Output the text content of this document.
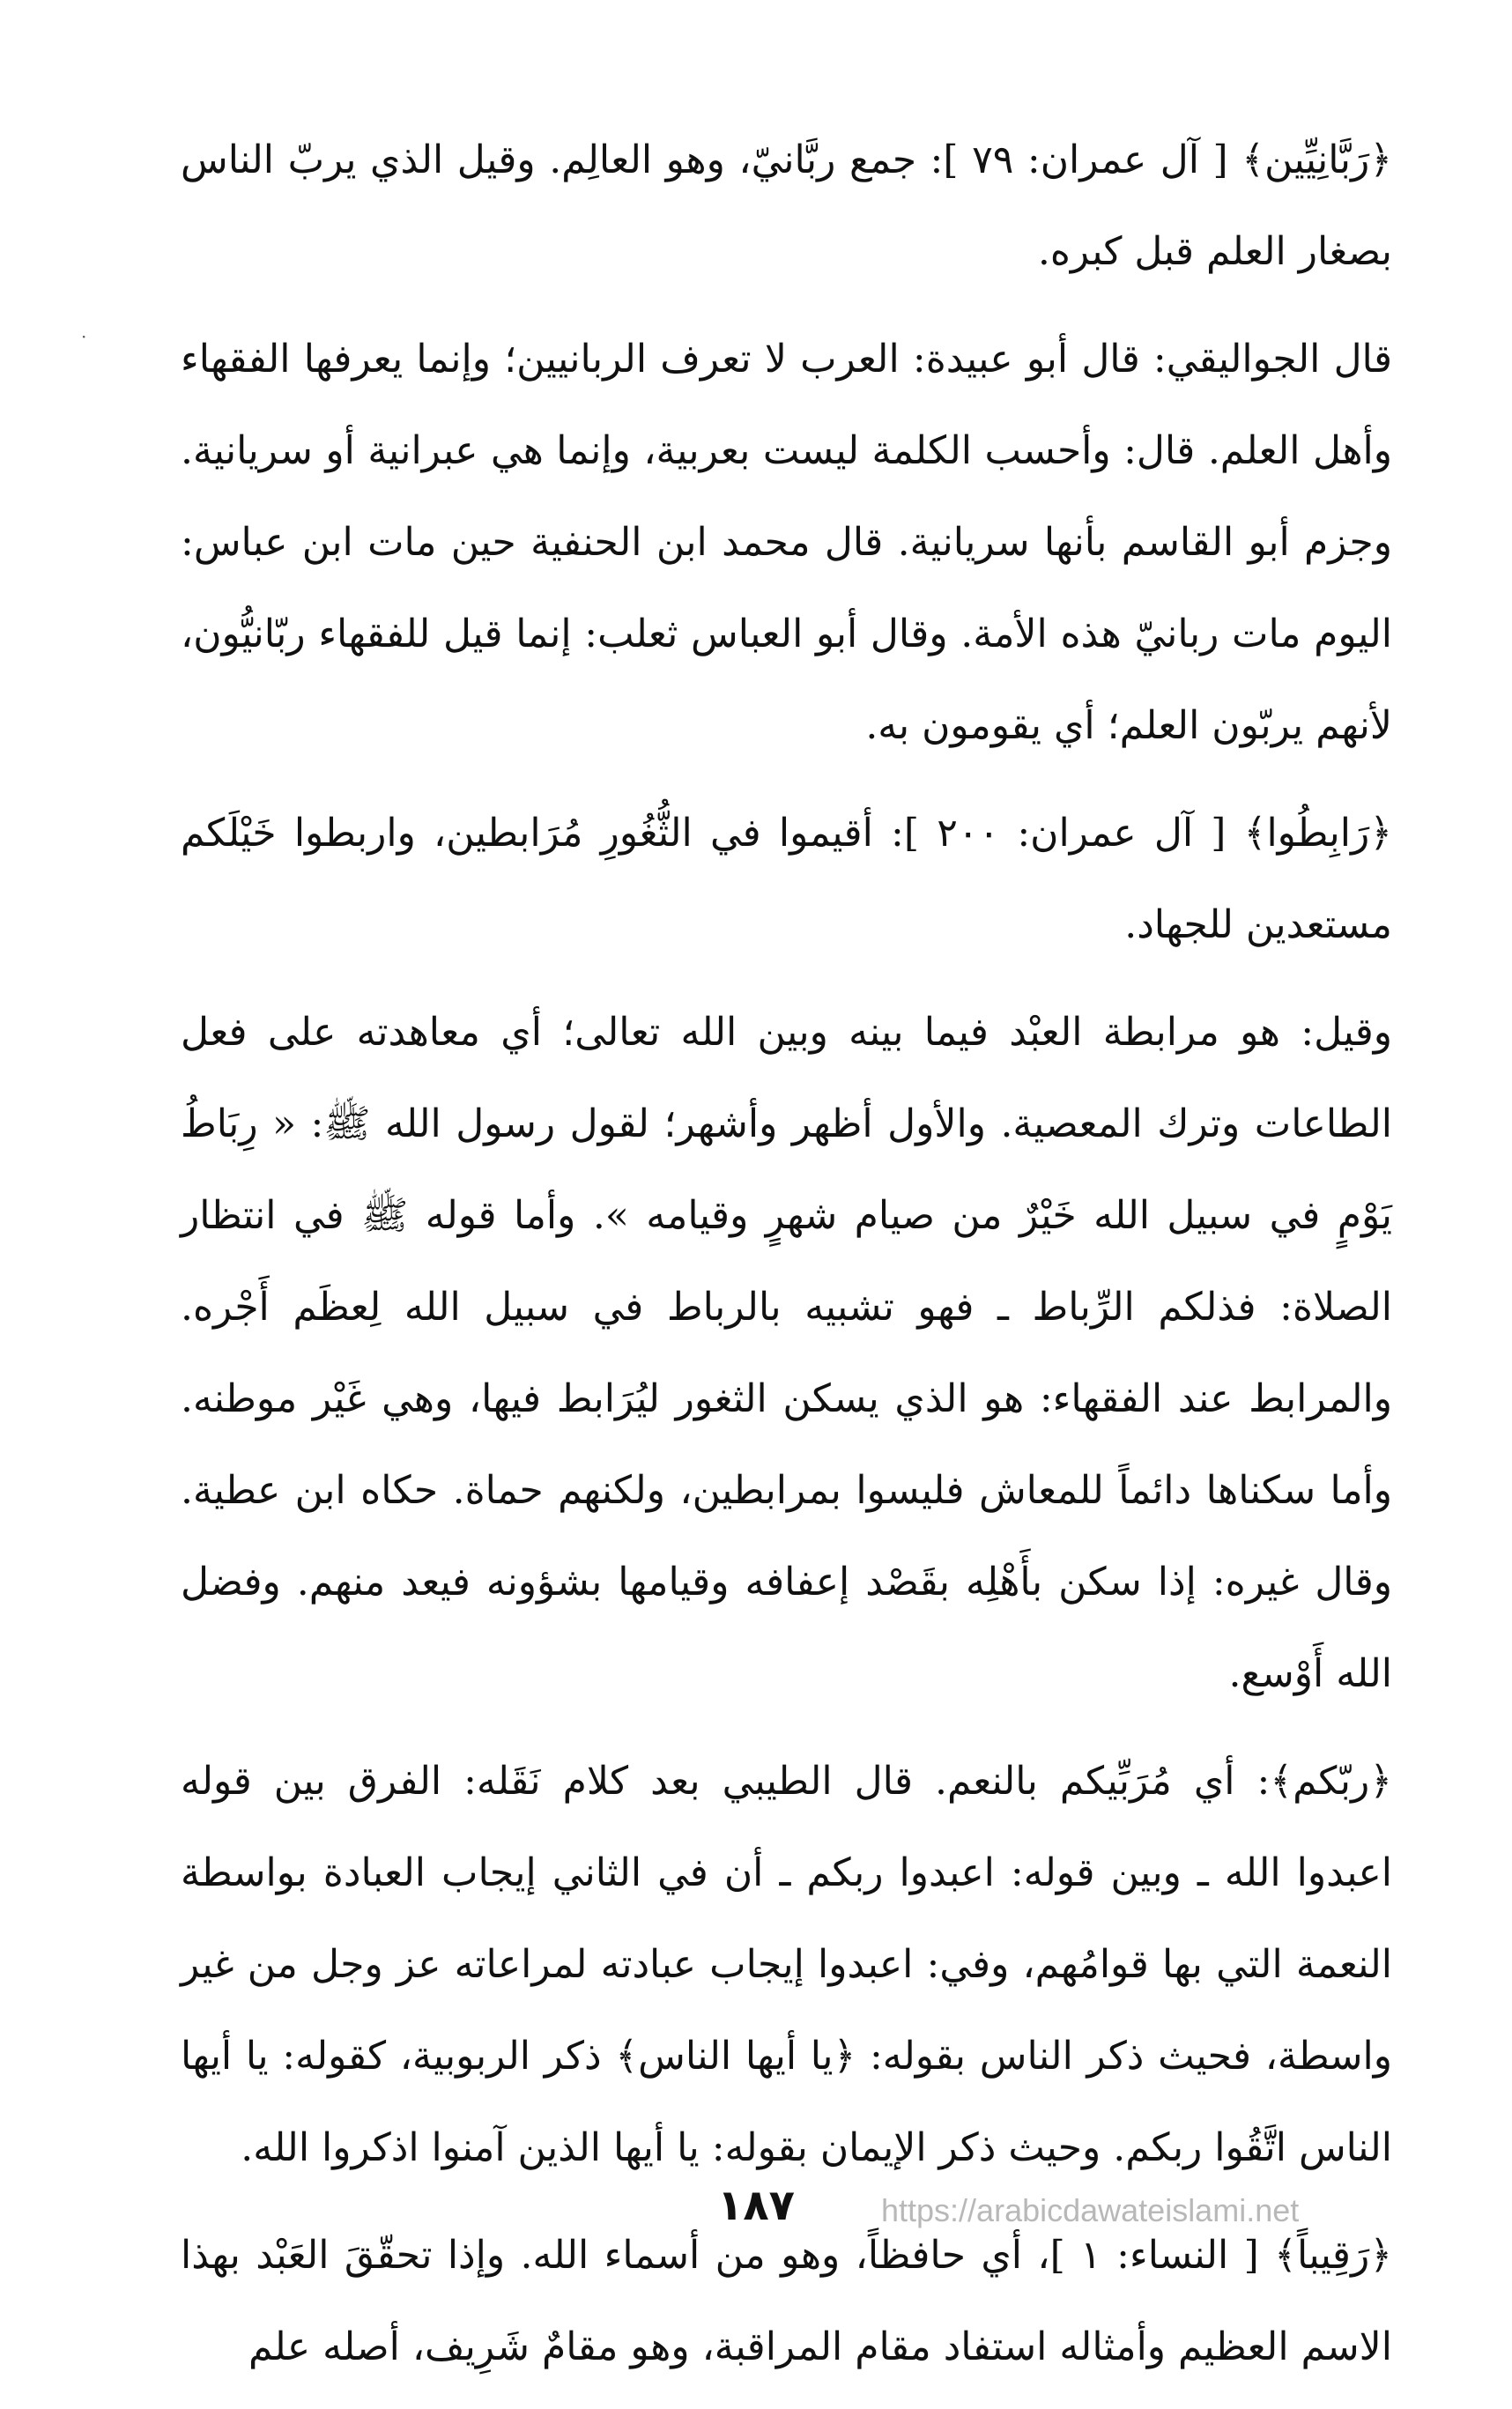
·

﴿رَبَّانِيِّين﴾ [ آل عمران: ٧٩ ]: جمع ربَّانيّ، وهو العالِم. وقيل الذي يربّ الناس بصغار العلم قبل كبره.

قال الجواليقي: قال أبو عبيدة: العرب لا تعرف الربانيين؛ وإنما يعرفها الفقهاء وأهل العلم. قال: وأحسب الكلمة ليست بعربية، وإنما هي عبرانية أو سريانية. وجزم أبو القاسم بأنها سريانية. قال محمد ابن الحنفية حين مات ابن عباس: اليوم مات ربانيّ هذه الأمة. وقال أبو العباس ثعلب: إنما قيل للفقهاء ربّانيُّون، لأنهم يربّون العلم؛ أي يقومون به.

﴿رَابِطُوا﴾ [ آل عمران: ٢٠٠ ]: أقيموا في الثُّغُورِ مُرَابطين، واربطوا خَيْلَكم مستعدين للجهاد.

وقيل: هو مرابطة العبْد فيما بينه وبين الله تعالى؛ أي معاهدته على فعل الطاعات وترك المعصية. والأول أظهر وأشهر؛ لقول رسول الله ﷺ: « رِبَاطُ يَوْمٍ في سبيل الله خَيْرٌ من صيام شهرٍ وقيامه ». وأما قوله ﷺ في انتظار الصلاة: فذلكم الرِّباط ـ فهو تشبيه بالرباط في سبيل الله لِعظَم أَجْره. والمرابط عند الفقهاء: هو الذي يسكن الثغور ليُرَابط فيها، وهي غَيْر موطنه. وأما سكناها دائماً للمعاش فليسوا بمرابطين، ولكنهم حماة. حكاه ابن عطية. وقال غيره: إذا سكن بأَهْلِه بقَصْد إعفافه وقيامها بشؤونه فيعد منهم. وفضل الله أَوْسع.

﴿ربّكم﴾: أي مُرَبِّيكم بالنعم. قال الطيبي بعد كلام نَقَله: الفرق بين قوله اعبدوا الله ـ وبين قوله: اعبدوا ربكم ـ أن في الثاني إيجاب العبادة بواسطة النعمة التي بها قوامُهم، وفي: اعبدوا إيجاب عبادته لمراعاته عز وجل من غير واسطة، فحيث ذكر الناس بقوله: ﴿يا أيها الناس﴾ ذكر الربوبية، كقوله: يا أيها الناس اتَّقُوا ربكم. وحيث ذكر الإيمان بقوله: يا أيها الذين آمنوا اذكروا الله.

﴿رَقِيباً﴾ [ النساء: ١ ]، أي حافظاً، وهو من أسماء الله. وإذا تحقّقَ العَبْد بهذا الاسم العظيم وأمثاله استفاد مقام المراقبة، وهو مقامٌ شَرِيف، أصله علم

١٨٧	https://arabicdawateislami.net
